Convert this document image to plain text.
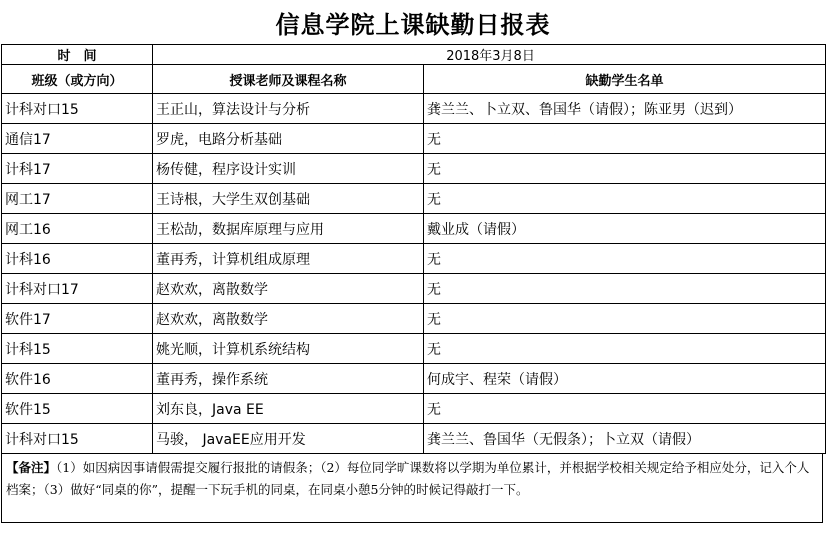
信息学院上课缺勤日报表
时　间	2018年3月8日	
班级（或方向）	授课老师及课程名称	缺勤学生名单
计科对口15	王正山，算法设计与分析	龚兰兰、卜立双、鲁国华（请假）；陈亚男（迟到）
通信17	罗虎，电路分析基础	无
计科17	杨传健，程序设计实训	无
网工17	王诗根，大学生双创基础	无
网工16	王松劼，数据库原理与应用	戴业成（请假）
计科16	董再秀，计算机组成原理	无
计科对口17	赵欢欢，离散数学	无
软件17	赵欢欢，离散数学	无
计科15	姚光顺，计算机系统结构	无
软件16	董再秀，操作系统	何成宇、程荣（请假）
软件15	刘东良，Java EE	无
计科对口15	马骏， JavaEE应用开发	龚兰兰、鲁国华（无假条）；卜立双（请假）
【备注】（1）如因病因事请假需提交履行报批的请假条；（2）每位同学旷课数将以学期为单位累计，并根据学校相关规定给予相应处分，记入个人档案；（3）做好“同桌的你”，提醒一下玩手机的同桌，在同桌小憩5分钟的时候记得敲打一下。
